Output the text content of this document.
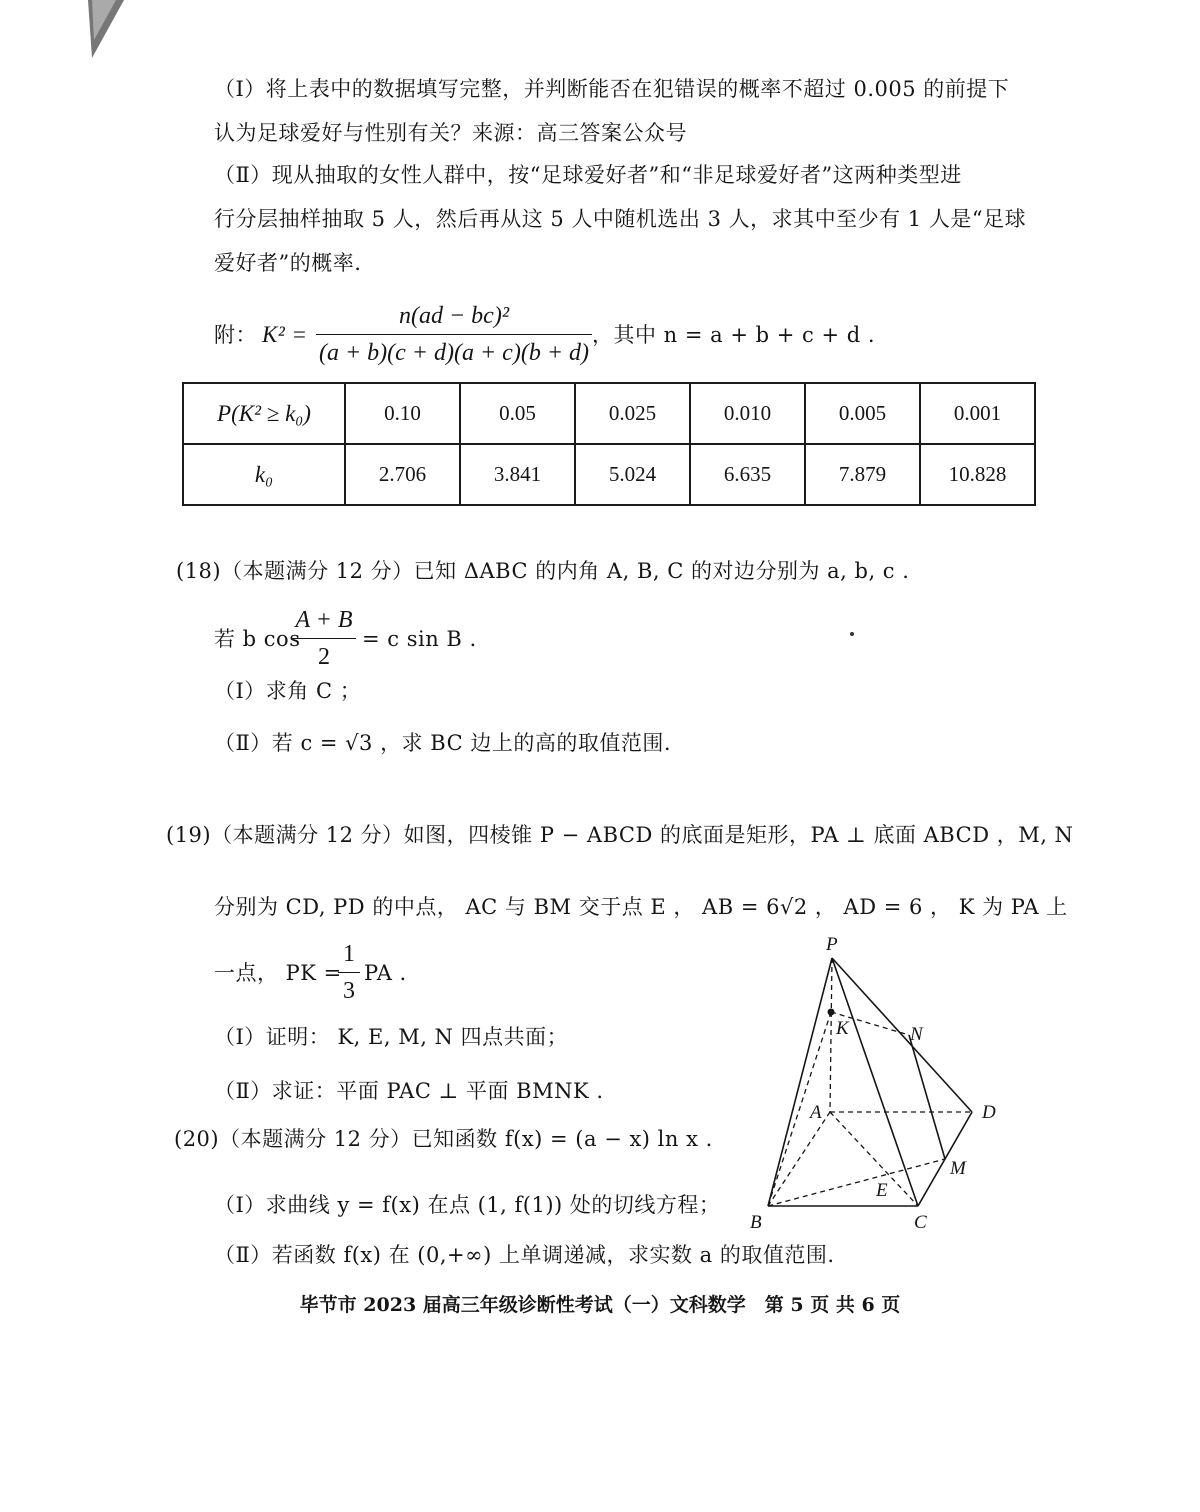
（Ⅰ）将上表中的数据填写完整，并判断能否在犯错误的概率不超过 0.005 的前提下
认为足球爱好与性别有关？来源：高三答案公众号
（Ⅱ）现从抽取的女性人群中，按“足球爱好者”和“非足球爱好者”这两种类型进
行分层抽样抽取 5 人，然后再从这 5 人中随机选出 3 人，求其中至少有 1 人是“足球
爱好者”的概率.
附： K² =
n(ad − bc)²
(a + b)(c + d)(a + c)(b + d)
，其中 n = a + b + c + d .
P(K² ≥ k₀)	0.10	0.05	0.025	0.010	0.005	0.001
k₀	2.706	3.841	5.024	6.635	7.879	10.828
(18)（本题满分 12 分）已知 ΔABC 的内角 A, B, C 的对边分别为 a, b, c .
若 b cos
A + B
2
= c sin B .
（Ⅰ）求角 C ；
（Ⅱ）若 c = √3 ，求 BC 边上的高的取值范围.
(19)（本题满分 12 分）如图，四棱锥 P − ABCD 的底面是矩形，PA ⊥ 底面 ABCD ，M, N
分别为 CD, PD 的中点， AC 与 BM 交于点 E ， AB = 6√2 ， AD = 6 ， K 为 PA 上
一点， PK =
1
3
PA .
（Ⅰ）证明： K, E, M, N 四点共面；
（Ⅱ）求证：平面 PAC ⊥ 平面 BMNK .
P
K	N
A	D
M
E
B	C
(20)（本题满分 12 分）已知函数 f(x) = (a − x) ln x .
（Ⅰ）求曲线 y = f(x) 在点 (1, f(1)) 处的切线方程；
（Ⅱ）若函数 f(x) 在 (0,+∞) 上单调递减，求实数 a 的取值范围.
毕节市 2023 届高三年级诊断性考试（一）文科数学　第 5 页 共 6 页
